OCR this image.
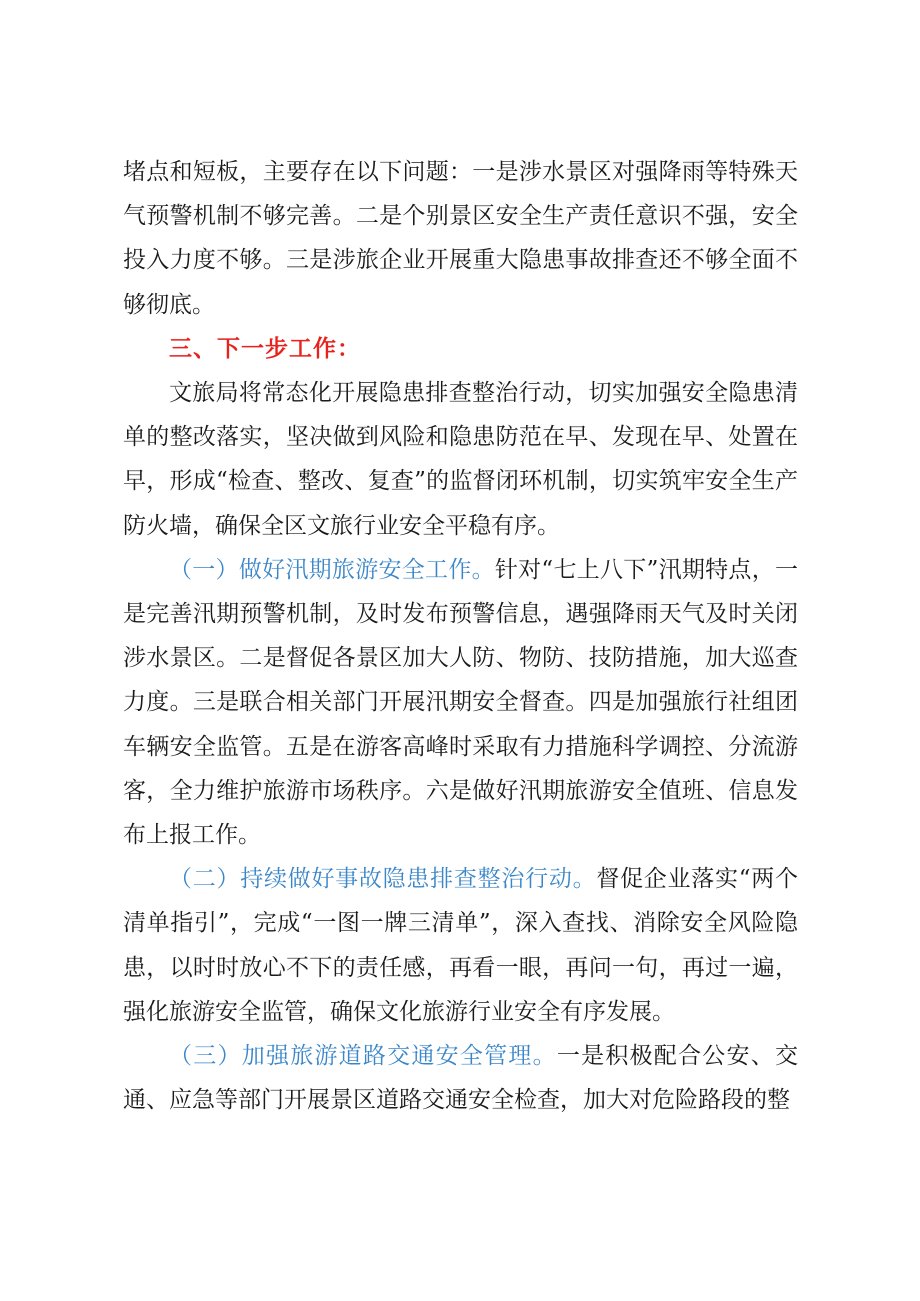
堵点和短板，主要存在以下问题：一是涉水景区对强降雨等特殊天气预警机制不够完善。二是个别景区安全生产责任意识不强，安全投入力度不够。三是涉旅企业开展重大隐患事故排查还不够全面不够彻底。

三、下一步工作：

文旅局将常态化开展隐患排查整治行动，切实加强安全隐患清单的整改落实，坚决做到风险和隐患防范在早、发现在早、处置在早，形成“检查、整改、复查”的监督闭环机制，切实筑牢安全生产防火墙，确保全区文旅行业安全平稳有序。

（一）做好汛期旅游安全工作。针对“七上八下”汛期特点，一是完善汛期预警机制，及时发布预警信息，遇强降雨天气及时关闭涉水景区。二是督促各景区加大人防、物防、技防措施，加大巡查力度。三是联合相关部门开展汛期安全督查。四是加强旅行社组团车辆安全监管。五是在游客高峰时采取有力措施科学调控、分流游客，全力维护旅游市场秩序。六是做好汛期旅游安全值班、信息发布上报工作。

（二）持续做好事故隐患排查整治行动。督促企业落实“两个清单指引”，完成“一图一牌三清单”，深入查找、消除安全风险隐患，以时时放心不下的责任感，再看一眼，再问一句，再过一遍，强化旅游安全监管，确保文化旅游行业安全有序发展。

（三）加强旅游道路交通安全管理。一是积极配合公安、交通、应急等部门开展景区道路交通安全检查，加大对危险路段的整
